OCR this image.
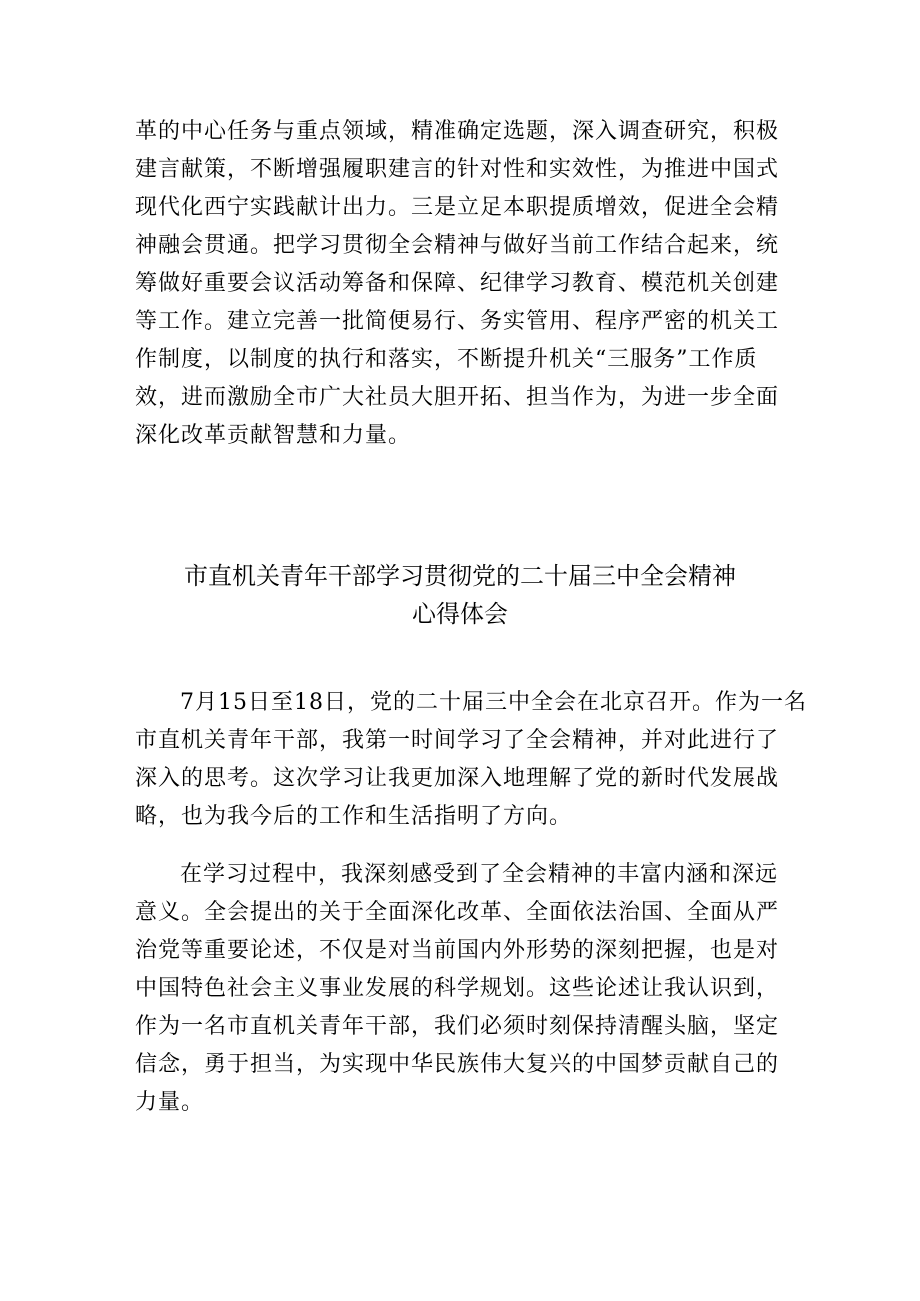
革的中心任务与重点领域，精准确定选题，深入调查研究，积极
建言献策，不断增强履职建言的针对性和实效性，为推进中国式
现代化西宁实践献计出力。三是立足本职提质增效，促进全会精
神融会贯通。把学习贯彻全会精神与做好当前工作结合起来，统
筹做好重要会议活动筹备和保障、纪律学习教育、模范机关创建
等工作。建立完善一批简便易行、务实管用、程序严密的机关工
作制度，以制度的执行和落实，不断提升机关“三服务”工作质
效，进而激励全市广大社员大胆开拓、担当作为，为进一步全面
深化改革贡献智慧和力量。
市直机关青年干部学习贯彻党的二十届三中全会精神
心得体会
7月15日至18日，党的二十届三中全会在北京召开。作为一名
市直机关青年干部，我第一时间学习了全会精神，并对此进行了
深入的思考。这次学习让我更加深入地理解了党的新时代发展战
略，也为我今后的工作和生活指明了方向。
在学习过程中，我深刻感受到了全会精神的丰富内涵和深远
意义。全会提出的关于全面深化改革、全面依法治国、全面从严
治党等重要论述，不仅是对当前国内外形势的深刻把握，也是对
中国特色社会主义事业发展的科学规划。这些论述让我认识到，
作为一名市直机关青年干部，我们必须时刻保持清醒头脑，坚定
信念，勇于担当，为实现中华民族伟大复兴的中国梦贡献自己的
力量。
